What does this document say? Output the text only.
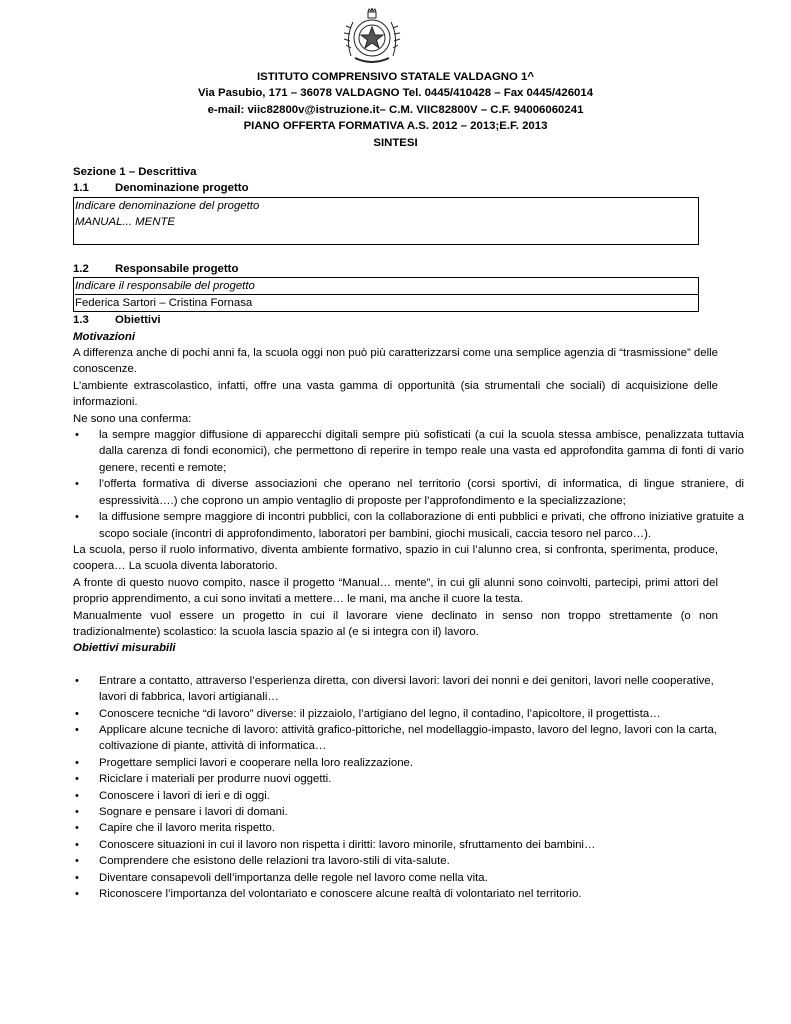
ISTITUTO COMPRENSIVO STATALE VALDAGNO 1^
Via Pasubio, 171 – 36078 VALDAGNO Tel. 0445/410428 – Fax 0445/426014
e-mail: viic82800v@istruzione.it– C.M. VIIC82800V – C.F. 94006060241
PIANO OFFERTA FORMATIVA A.S. 2012 – 2013;E.F. 2013
SINTESI
Sezione 1 – Descrittiva
1.1	Denominazione progetto
Indicare denominazione del progetto
MANUAL... MENTE
1.2	Responsabile progetto
Indicare il responsabile del progetto
Federica Sartori – Cristina Fornasa
1.3	Obiettivi
Motivazioni

A differenza anche di pochi anni fa, la scuola oggi non può più caratterizzarsi come una semplice agenzia di “trasmissione” delle conoscenze.

L’ambiente extrascolastico, infatti, offre una vasta gamma di opportunità (sia strumentali che sociali) di acquisizione delle informazioni.

Ne sono una conferma:

• la sempre maggior diffusione di apparecchi digitali sempre più sofisticati (a cui la scuola stessa ambisce, penalizzata tuttavia dalla carenza di fondi economici), che permettono di reperire in tempo reale una vasta ed approfondita gamma di fonti di vario genere, recenti e remote;
• l’offerta formativa di diverse associazioni che operano nel territorio (corsi sportivi, di informatica, di lingue straniere, di espressività….) che coprono un ampio ventaglio di proposte per l’approfondimento e la specializzazione;
• la diffusione sempre maggiore di incontri pubblici, con la collaborazione di enti pubblici e privati, che offrono iniziative gratuite a scopo sociale (incontri di approfondimento, laboratori per bambini, giochi musicali, caccia tesoro nel parco…).

La scuola, perso il ruolo informativo, diventa ambiente formativo, spazio in cui l’alunno crea, si confronta, sperimenta, produce, coopera… La scuola diventa laboratorio.

A fronte di questo nuovo compito, nasce il progetto “Manual… mente”, in cui gli alunni sono coinvolti, partecipi, primi attori del proprio apprendimento, a cui sono invitati a mettere… le mani, ma anche il cuore la testa.

Manualmente vuol essere un progetto in cui il lavorare viene declinato in senso non troppo strettamente (o non tradizionalmente) scolastico: la scuola lascia spazio al (e si integra con il) lavoro.

Obiettivi misurabili
• Entrare a contatto, attraverso l’esperienza diretta, con diversi lavori: lavori dei nonni e dei genitori, lavori nelle cooperative, lavori di fabbrica, lavori artigianali…
• Conoscere tecniche “di lavoro” diverse: il pizzaiolo, l’artigiano del legno, il contadino, l’apicoltore, il progettista…
• Applicare alcune tecniche di lavoro: attività grafico-pittoriche, nel modellaggio-impasto, lavoro del legno, lavori con la carta, coltivazione di piante, attività di informatica…
• Progettare semplici lavori e cooperare nella loro realizzazione.
• Riciclare i materiali per produrre nuovi oggetti.
• Conoscere i lavori di ieri e di oggi.
• Sognare e pensare i lavori di domani.
• Capire che il lavoro merita rispetto.
• Conoscere situazioni in cui il lavoro non rispetta i diritti: lavoro minorile, sfruttamento dei bambini…
• Comprendere che esistono delle relazioni tra lavoro-stili di vita-salute.
• Diventare consapevoli dell’importanza delle regole nel lavoro come nella vita.
• Riconoscere l’importanza del volontariato e conoscere alcune realtà di volontariato nel territorio.
